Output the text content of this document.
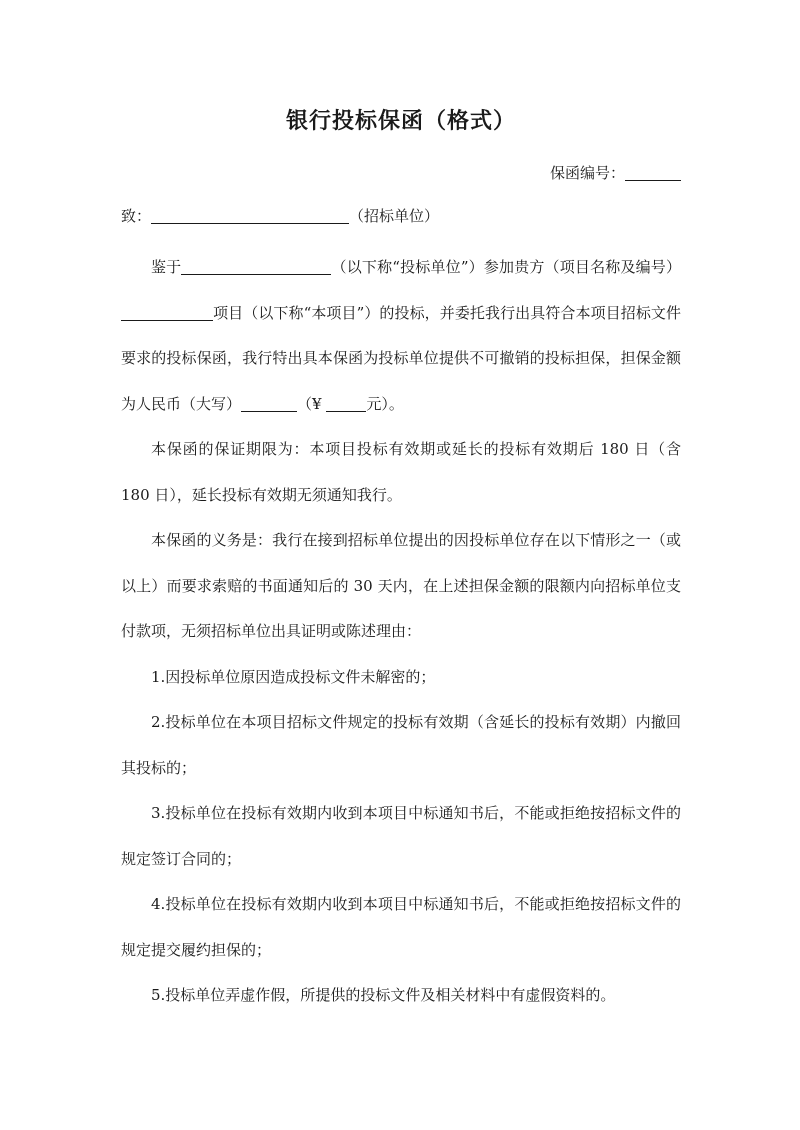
银行投标保函（格式）
保函编号：
致：	（招标单位）

鉴于	（以下称“投标单位”）参加贵方（项目名称及编号）项目（以下称“本项目”）的投标，并委托我行出具符合本项目招标文件要求的投标保函，我行特出具本保函为投标单位提供不可撤销的投标担保，担保金额为人民币（大写）	（¥	元）。

本保函的保证期限为：本项目投标有效期或延长的投标有效期后 180 日（含 180 日），延长投标有效期无须通知我行。

本保函的义务是：我行在接到招标单位提出的因投标单位存在以下情形之一（或以上）而要求索赔的书面通知后的 30 天内，在上述担保金额的限额内向招标单位支付款项，无须招标单位出具证明或陈述理由：

1.因投标单位原因造成投标文件未解密的；

2.投标单位在本项目招标文件规定的投标有效期（含延长的投标有效期）内撤回其投标的；

3.投标单位在投标有效期内收到本项目中标通知书后，不能或拒绝按招标文件的规定签订合同的；

4.投标单位在投标有效期内收到本项目中标通知书后，不能或拒绝按招标文件的规定提交履约担保的；

5.投标单位弄虚作假，所提供的投标文件及相关材料中有虚假资料的。
